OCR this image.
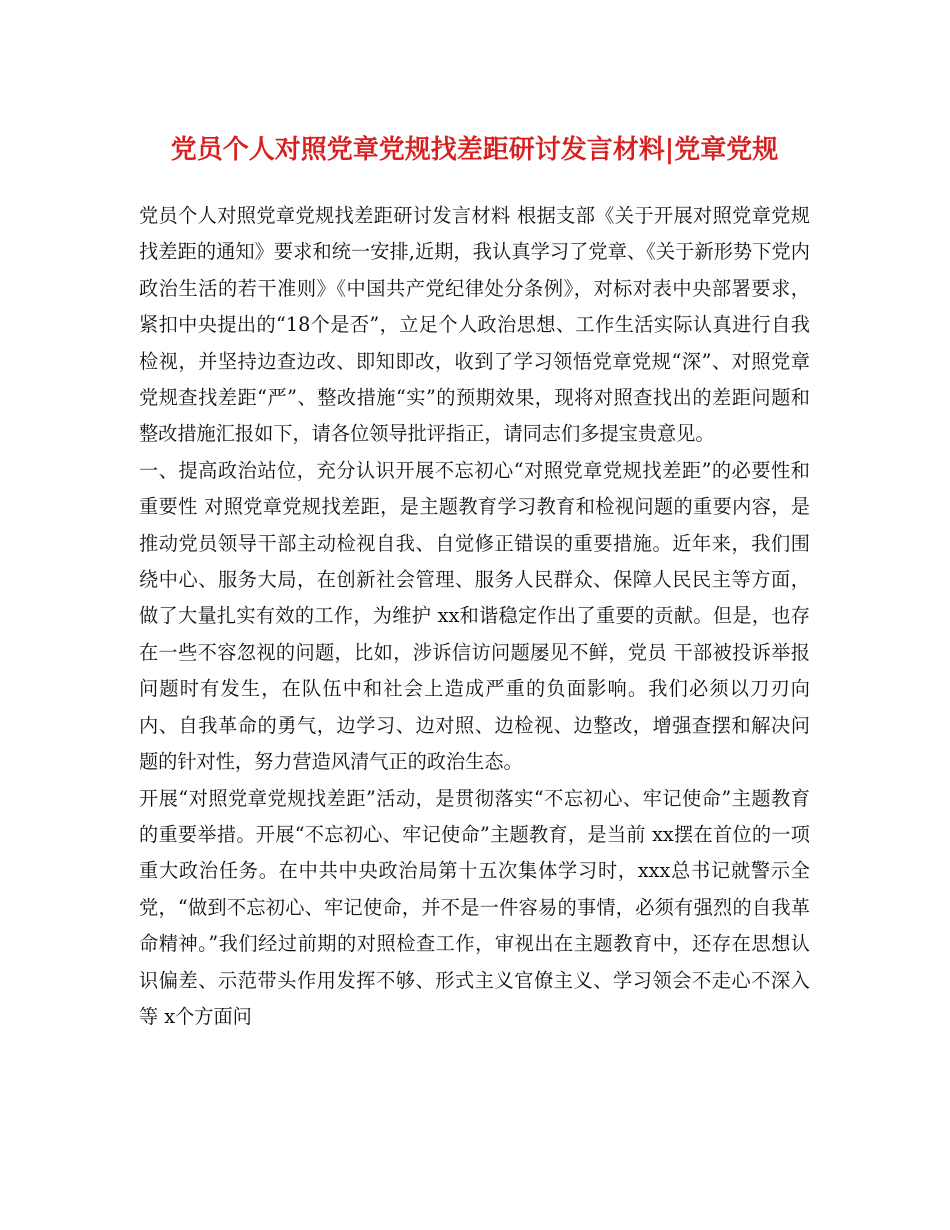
党员个人对照党章党规找差距研讨发言材料|党章党规

党员个人对照党章党规找差距研讨发言材料 根据支部《关于开展对照党章党规找差距的通知》要求和统一安排,近期，我认真学习了党章、《关于新形势下党内政治生活的若干准则》《中国共产党纪律处分条例》，对标对表中央部署要求，紧扣中央提出的“18个是否”，立足个人政治思想、工作生活实际认真进行自我检视，并坚持边查边改、即知即改，收到了学习领悟党章党规“深”、对照党章党规查找差距“严”、整改措施“实”的预期效果，现将对照查找出的差距问题和整改措施汇报如下，请各位领导批评指正，请同志们多提宝贵意见。

一、提高政治站位，充分认识开展不忘初心“对照党章党规找差距”的必要性和重要性 对照党章党规找差距，是主题教育学习教育和检视问题的重要内容，是推动党员领导干部主动检视自我、自觉修正错误的重要措施。近年来，我们围绕中心、服务大局，在创新社会管理、服务人民群众、保障人民民主等方面，做了大量扎实有效的工作，为维护 xx和谐稳定作出了重要的贡献。但是，也存在一些不容忽视的问题，比如，涉诉信访问题屡见不鲜，党员 干部被投诉举报问题时有发生，在队伍中和社会上造成严重的负面影响。我们必须以刀刃向内、自我革命的勇气，边学习、边对照、边检视、边整改，增强查摆和解决问题的针对性，努力营造风清气正的政治生态。

开展“对照党章党规找差距”活动，是贯彻落实“不忘初心、牢记使命”主题教育的重要举措。开展“不忘初心、牢记使命”主题教育，是当前 xx摆在首位的一项重大政治任务。在中共中央政治局第十五次集体学习时，xxx总书记就警示全党，“做到不忘初心、牢记使命，并不是一件容易的事情，必须有强烈的自我革命精神。”我们经过前期的对照检查工作，审视出在主题教育中，还存在思想认识偏差、示范带头作用发挥不够、形式主义官僚主义、学习领会不走心不深入等 x个方面问
